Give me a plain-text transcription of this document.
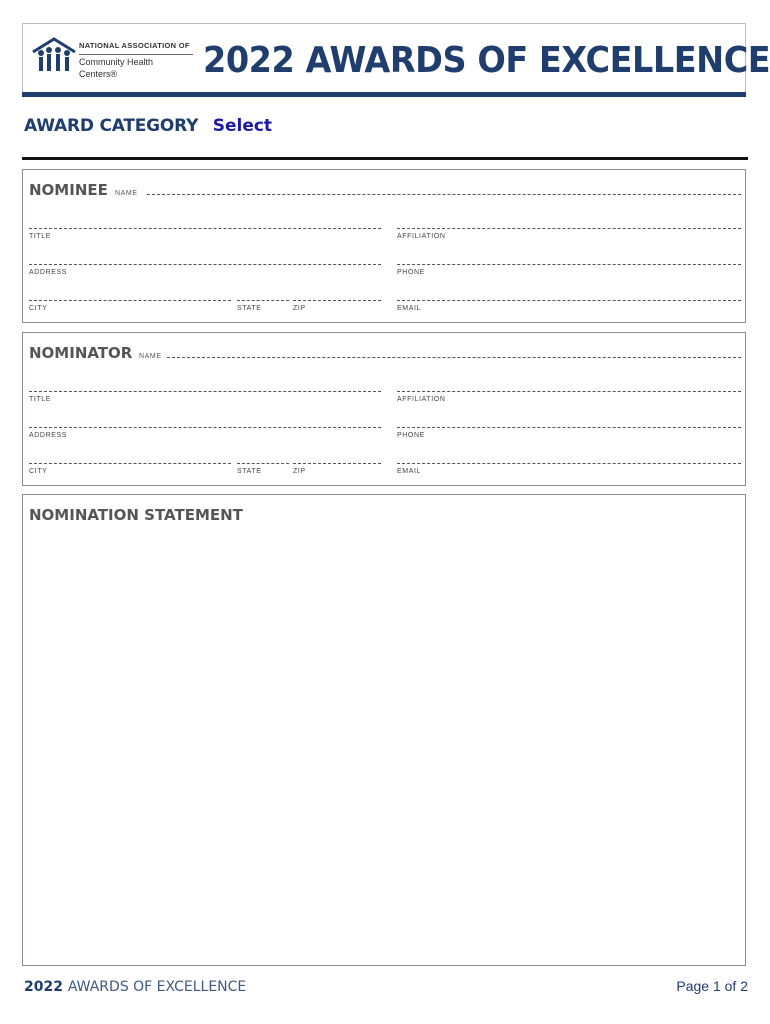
NATIONAL ASSOCIATION OF
Community Health Centers®	2022 AWARDS OF EXCELLENCE
AWARD CATEGORY Select
NOMINEE NAME
TITLE	AFFILIATION
ADDRESS	PHONE
CITY	STATE	ZIP	EMAIL
NOMINATOR NAME
TITLE	AFFILIATION
ADDRESS	PHONE
CITY	STATE	ZIP	EMAIL
NOMINATION STATEMENT
2022 AWARDS OF EXCELLENCE	Page 1 of 2
